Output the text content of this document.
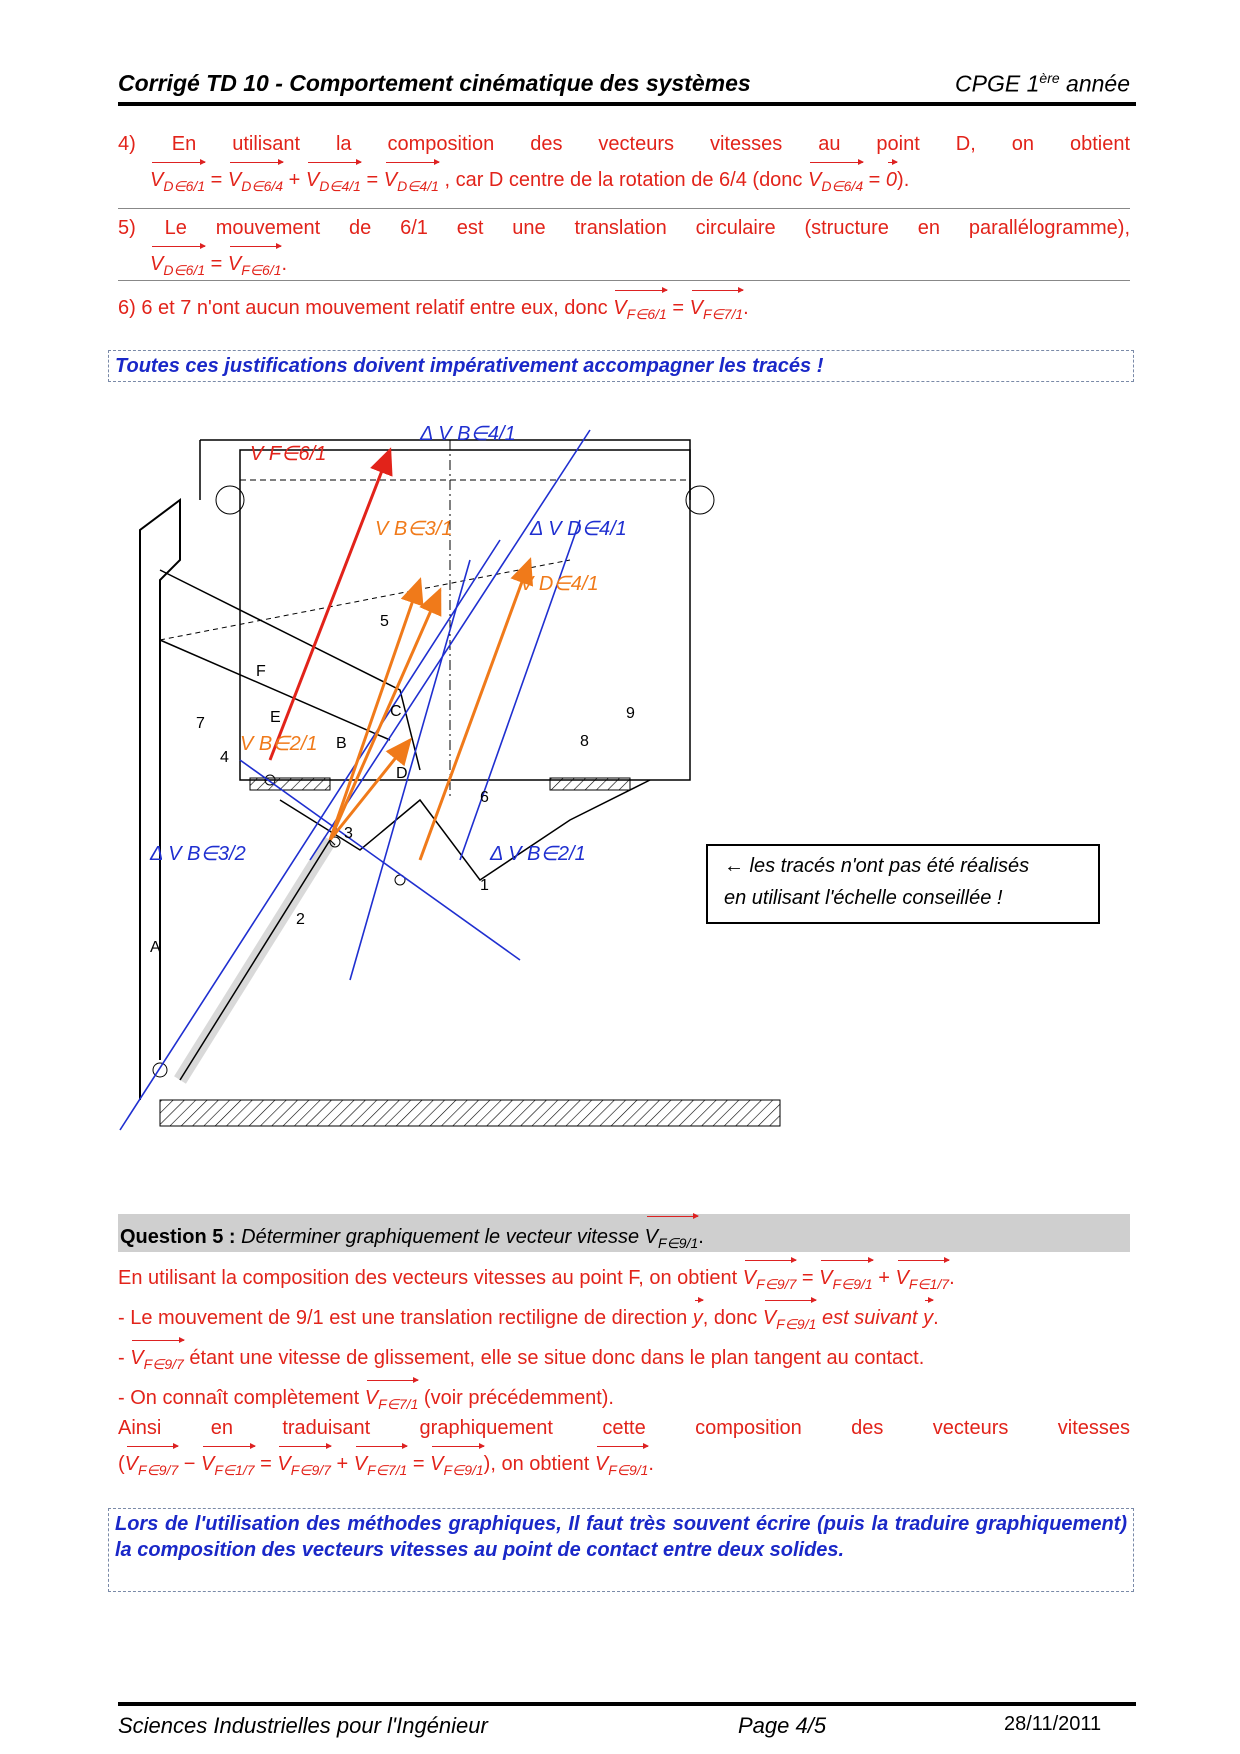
Corrigé TD 10 - Comportement cinématique des systèmes	CPGE 1ère année
4) En utilisant la composition des vecteurs vitesses au point D, on obtient
$V_{D\in 6/1} = V_{D\in 6/4} + V_{D\in 4/1} = V_{D\in 4/1}$ , car D centre de la rotation de 6/4 (donc $V_{D\in 6/4} = 0$).
5) Le mouvement de 6/1 est une translation circulaire (structure en parallélogramme),
$V_{D\in 6/1} = V_{F\in 6/1}$.
6) 6 et 7 n'ont aucun mouvement relatif entre eux, donc $V_{F\in 6/1} = V_{F\in 7/1}$.
Toutes ces justifications doivent impérativement accompagner les tracés !
V F∈6/1
Δ V B∈4/1
V B∈3/1	Δ V D∈4/1
V D∈4/1
V B∈2/1
Δ V B∈3/2	Δ V B∈2/1
1
2
3
4
5
6
7
8
9
A
B
C
D
E
F
← les tracés n'ont pas été réalisés
en utilisant l'échelle conseillée !
Question 5 : Déterminer graphiquement le vecteur vitesse $V_{F\in 9/1}$.
En utilisant la composition des vecteurs vitesses au point F, on obtient $V_{F\in 9/7} = V_{F\in 9/1} + V_{F\in 1/7}$.
- Le mouvement de 9/1 est une translation rectiligne de direction y, donc $V_{F\in 9/1}$ est suivant y.
- $V_{F\in 9/7}$ étant une vitesse de glissement, elle se situe donc dans le plan tangent au contact.
- On connaît complètement $V_{F\in 7/1}$ (voir précédemment).
Ainsi en traduisant graphiquement cette composition des vecteurs vitesses
$(V_{F\in 9/7} - V_{F\in 1/7} = V_{F\in 9/7} + V_{F\in 7/1} = V_{F\in 9/1})$, on obtient $V_{F\in 9/1}$.
Lors de l'utilisation des méthodes graphiques, Il faut très souvent écrire (puis la traduire graphiquement) la composition des vecteurs vitesses au point de contact entre deux solides.
Sciences Industrielles pour l'Ingénieur	Page 4/5	28/11/2011
